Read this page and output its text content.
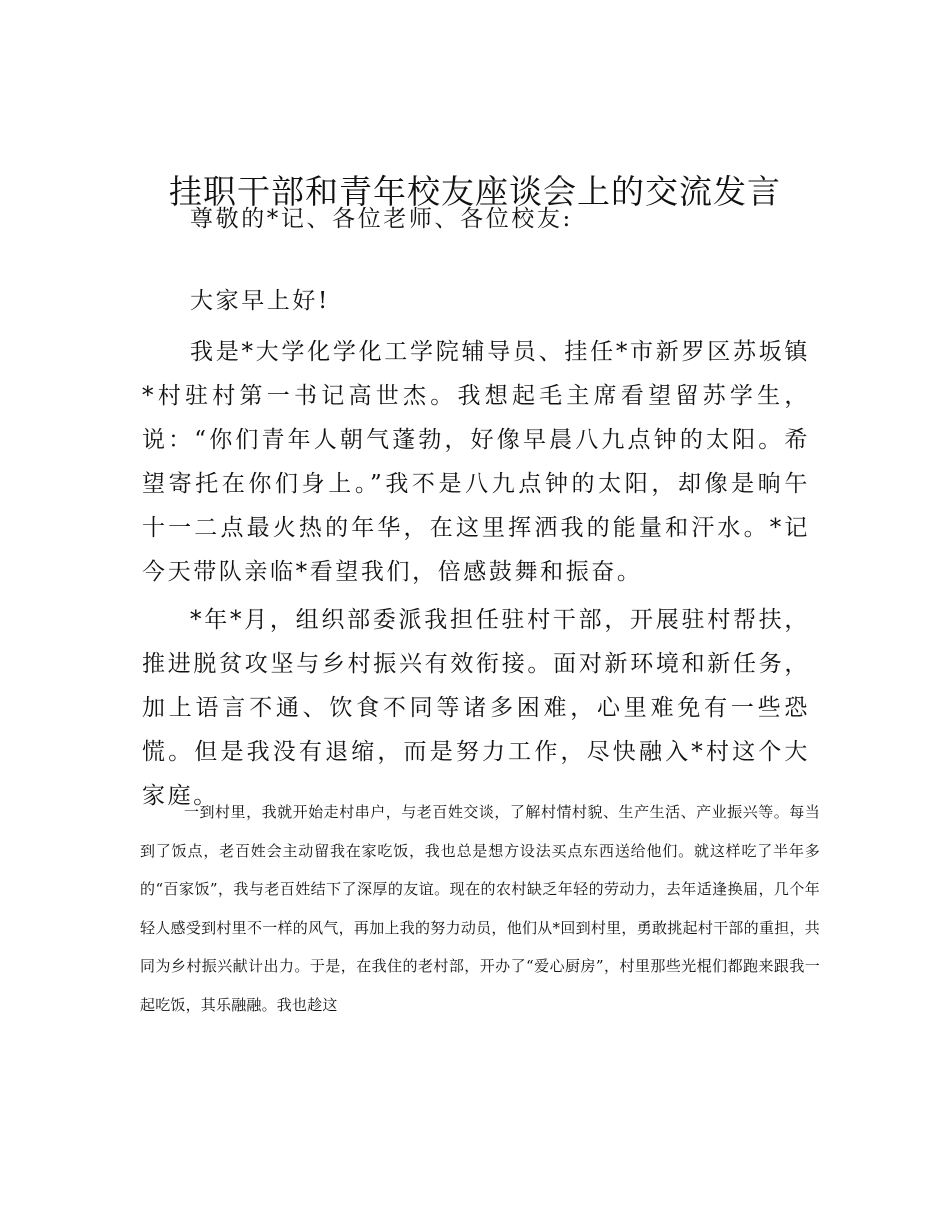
挂职干部和青年校友座谈会上的交流发言

尊敬的*记、各位老师、各位校友:

大家早上好!

我是*大学化学化工学院辅导员、挂任*市新罗区苏坂镇*村驻村第一书记高世杰。我想起毛主席看望留苏学生，说：“你们青年人朝气蓬勃，好像早晨八九点钟的太阳。希望寄托在你们身上。”我不是八九点钟的太阳，却像是晌午十一二点最火热的年华，在这里挥洒我的能量和汗水。*记今天带队亲临*看望我们，倍感鼓舞和振奋。

*年*月，组织部委派我担任驻村干部，开展驻村帮扶，推进脱贫攻坚与乡村振兴有效衔接。面对新环境和新任务，加上语言不通、饮食不同等诸多困难，心里难免有一些恐慌。但是我没有退缩，而是努力工作，尽快融入*村这个大家庭。

一到村里，我就开始走村串户，与老百姓交谈，了解村情村貌、生产生活、产业振兴等。每当到了饭点，老百姓会主动留我在家吃饭，我也总是想方设法买点东西送给他们。就这样吃了半年多的“百家饭”，我与老百姓结下了深厚的友谊。现在的农村缺乏年轻的劳动力，去年适逢换届，几个年轻人感受到村里不一样的风气，再加上我的努力动员，他们从*回到村里，勇敢挑起村干部的重担，共同为乡村振兴献计出力。于是，在我住的老村部，开办了“爱心厨房”，村里那些光棍们都跑来跟我一起吃饭，其乐融融。我也趁这
